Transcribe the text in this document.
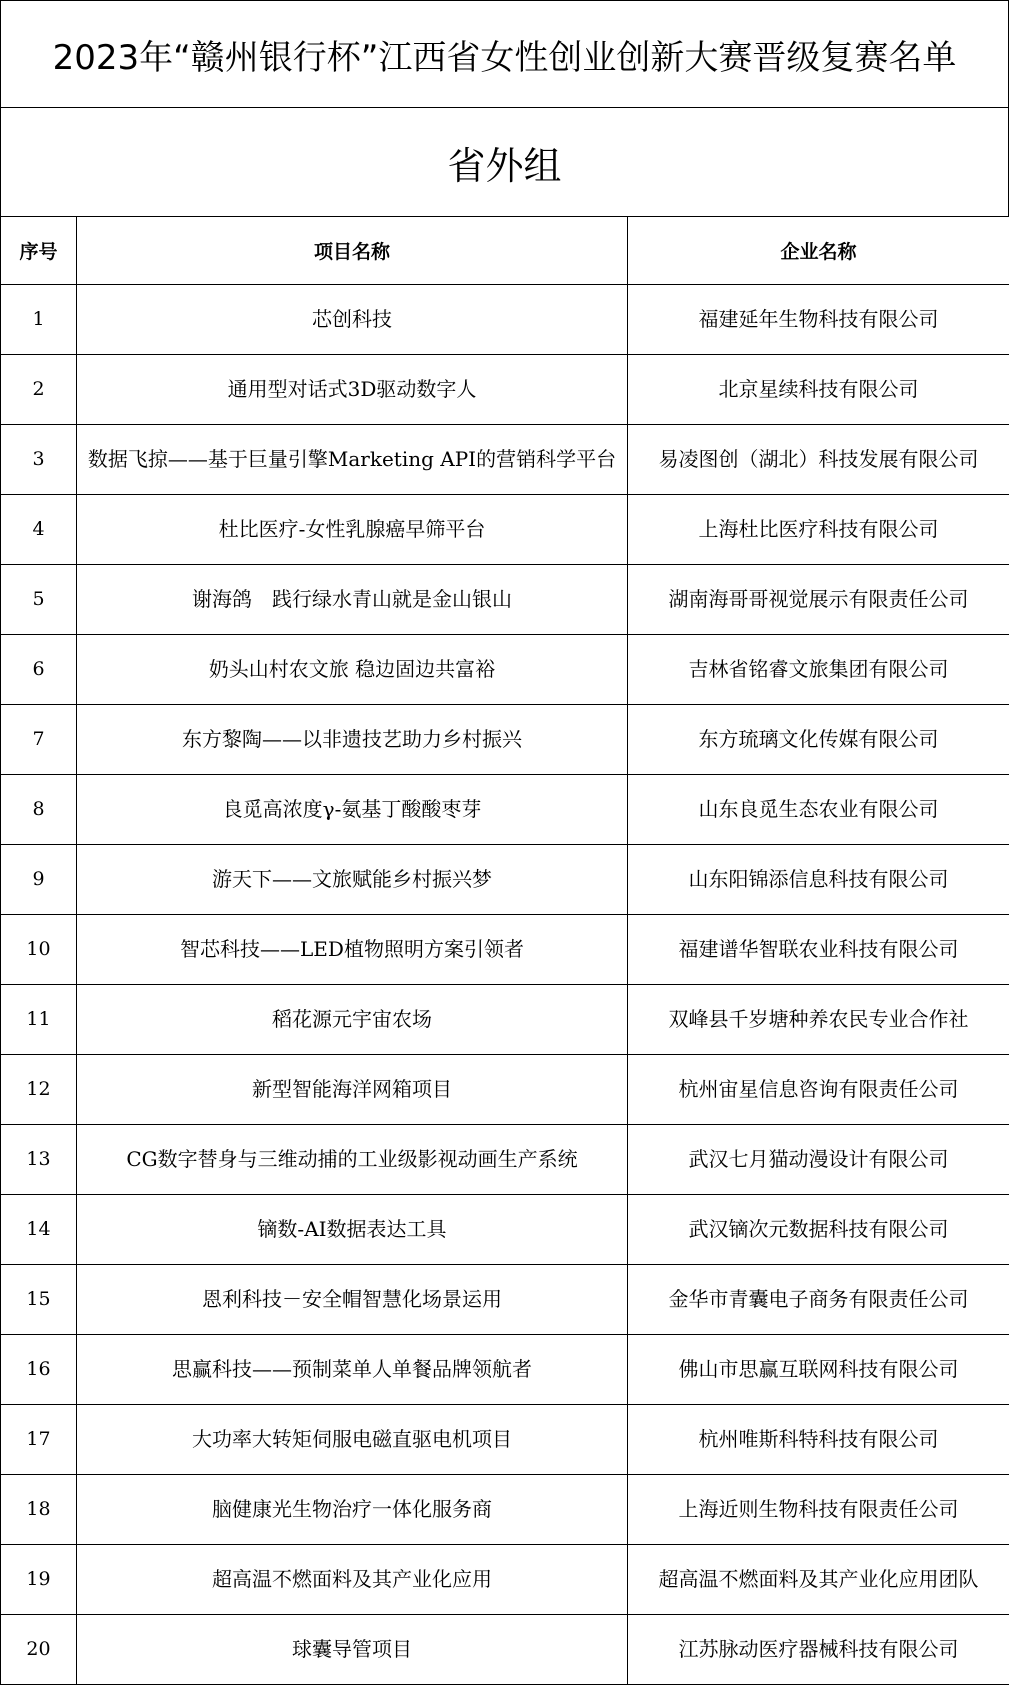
2023年“赣州银行杯”江西省女性创业创新大赛晋级复赛名单
省外组
序号	项目名称	企业名称
1	芯创科技	福建延年生物科技有限公司
2	通用型对话式3D驱动数字人	北京星续科技有限公司
3	数据飞掠——基于巨量引擎Marketing API的营销科学平台	易凌图创（湖北）科技发展有限公司
4	杜比医疗-女性乳腺癌早筛平台	上海杜比医疗科技有限公司
5	谢海鸽　践行绿水青山就是金山银山	湖南海哥哥视觉展示有限责任公司
6	奶头山村农文旅 稳边固边共富裕	吉林省铭睿文旅集团有限公司
7	东方黎陶——以非遗技艺助力乡村振兴	东方琉璃文化传媒有限公司
8	良觅高浓度γ-氨基丁酸酸枣芽	山东良觅生态农业有限公司
9	游天下——文旅赋能乡村振兴梦	山东阳锦添信息科技有限公司
10	智芯科技——LED植物照明方案引领者	福建谱华智联农业科技有限公司
11	稻花源元宇宙农场	双峰县千岁塘种养农民专业合作社
12	新型智能海洋网箱项目	杭州宙星信息咨询有限责任公司
13	CG数字替身与三维动捕的工业级影视动画生产系统	武汉七月猫动漫设计有限公司
14	镝数-AI数据表达工具	武汉镝次元数据科技有限公司
15	恩利科技－安全帽智慧化场景运用	金华市青囊电子商务有限责任公司
16	思赢科技——预制菜单人单餐品牌领航者	佛山市思赢互联网科技有限公司
17	大功率大转矩伺服电磁直驱电机项目	杭州唯斯科特科技有限公司
18	脑健康光生物治疗一体化服务商	上海近则生物科技有限责任公司
19	超高温不燃面料及其产业化应用	超高温不燃面料及其产业化应用团队
20	球囊导管项目	江苏脉动医疗器械科技有限公司
